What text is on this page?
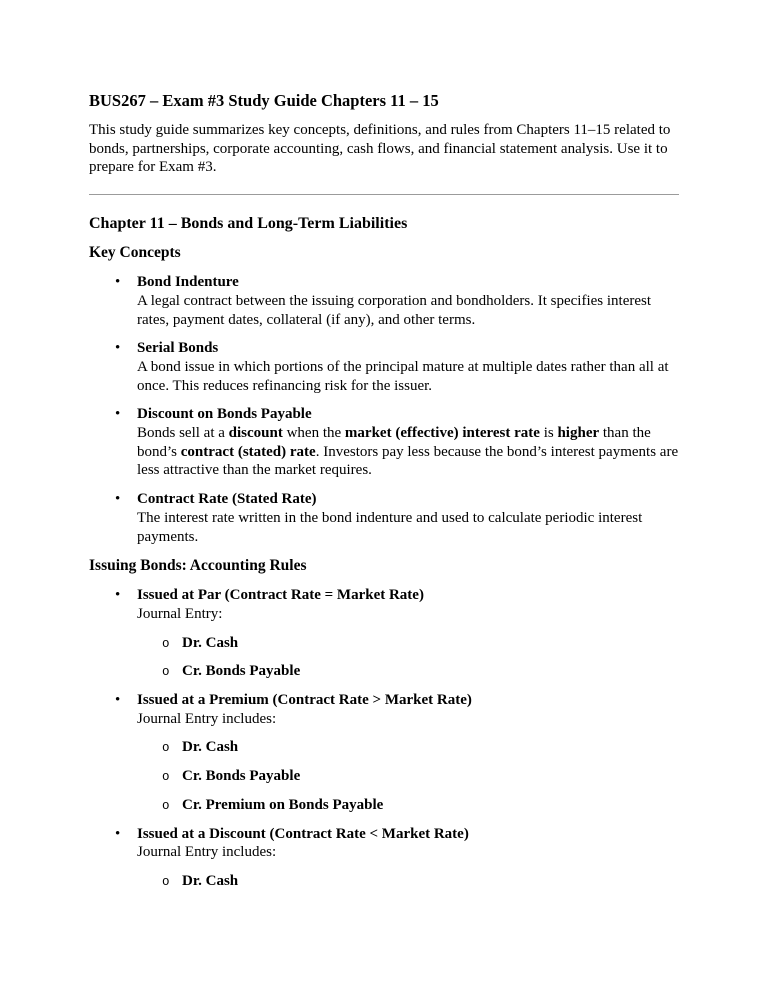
BUS267 – Exam #3 Study Guide Chapters 11 – 15

This study guide summarizes key concepts, definitions, and rules from Chapters 11–15 related to bonds, partnerships, corporate accounting, cash flows, and financial statement analysis. Use it to prepare for Exam #3.

Chapter 11 – Bonds and Long-Term Liabilities
Key Concepts
• Bond Indenture
A legal contract between the issuing corporation and bondholders. It specifies interest rates, payment dates, collateral (if any), and other terms.
• Serial Bonds
A bond issue in which portions of the principal mature at multiple dates rather than all at once. This reduces refinancing risk for the issuer.
• Discount on Bonds Payable
Bonds sell at a discount when the market (effective) interest rate is higher than the bond’s contract (stated) rate. Investors pay less because the bond’s interest payments are less attractive than the market requires.
• Contract Rate (Stated Rate)
The interest rate written in the bond indenture and used to calculate periodic interest payments.
Issuing Bonds: Accounting Rules
• Issued at Par (Contract Rate = Market Rate)
Journal Entry:
o Dr. Cash
o Cr. Bonds Payable
• Issued at a Premium (Contract Rate > Market Rate)
Journal Entry includes:
o Dr. Cash
o Cr. Bonds Payable
o Cr. Premium on Bonds Payable
• Issued at a Discount (Contract Rate < Market Rate)
Journal Entry includes:
o Dr. Cash
